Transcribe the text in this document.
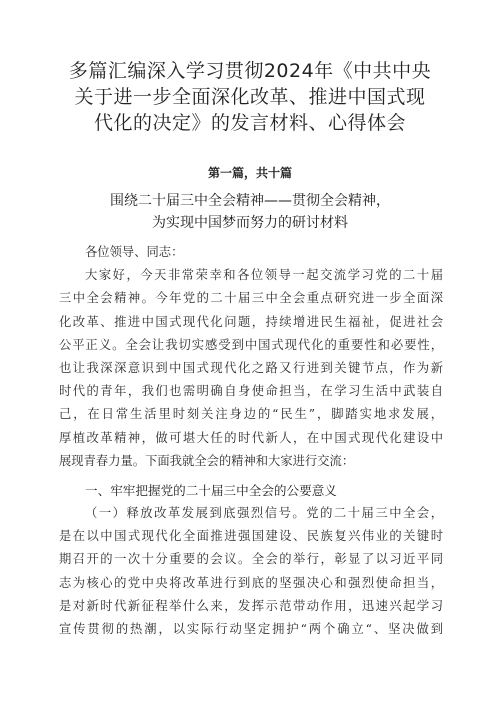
多篇汇编深入学习贯彻2024年《中共中央
关于进一步全面深化改革、推进中国式现
代化的决定》的发言材料、心得体会
第一篇，共十篇
围绕二十届三中全会精神——贯彻全会精神，
为实现中国梦而努力的研讨材料
各位领导、同志：
大家好，今天非常荣幸和各位领导一起交流学习党的二十届
三中全会精神。今年党的二十届三中全会重点研究进一步全面深
化改革、推进中国式现代化问题，持续增进民生福祉，促进社会
公平正义。全会让我切实感受到中国式现代化的重要性和必要性，
也让我深深意识到中国式现代化之路又行进到关键节点，作为新
时代的青年，我们也需明确自身使命担当，在学习生活中武装自
己，在日常生活里时刻关注身边的“民生”，脚踏实地求发展，
厚植改革精神，做可堪大任的时代新人，在中国式现代化建设中
展现青春力量。下面我就全会的精神和大家进行交流：
一、牢牢把握党的二十届三中全会的公要意义
（一）释放改革发展到底强烈信号。党的二十届三中全会，
是在以中国式现代化全面推进强国建设、民族复兴伟业的关键时
期召开的一次十分重要的会议。全会的举行，彰显了以习近平同
志为核心的党中央将改革进行到底的坚强决心和强烈使命担当，
是对新时代新征程举什么来，发挥示范带动作用，迅速兴起学习
宣传贯彻的热潮，以实际行动坚定拥护“两个确立“、坚决做到
